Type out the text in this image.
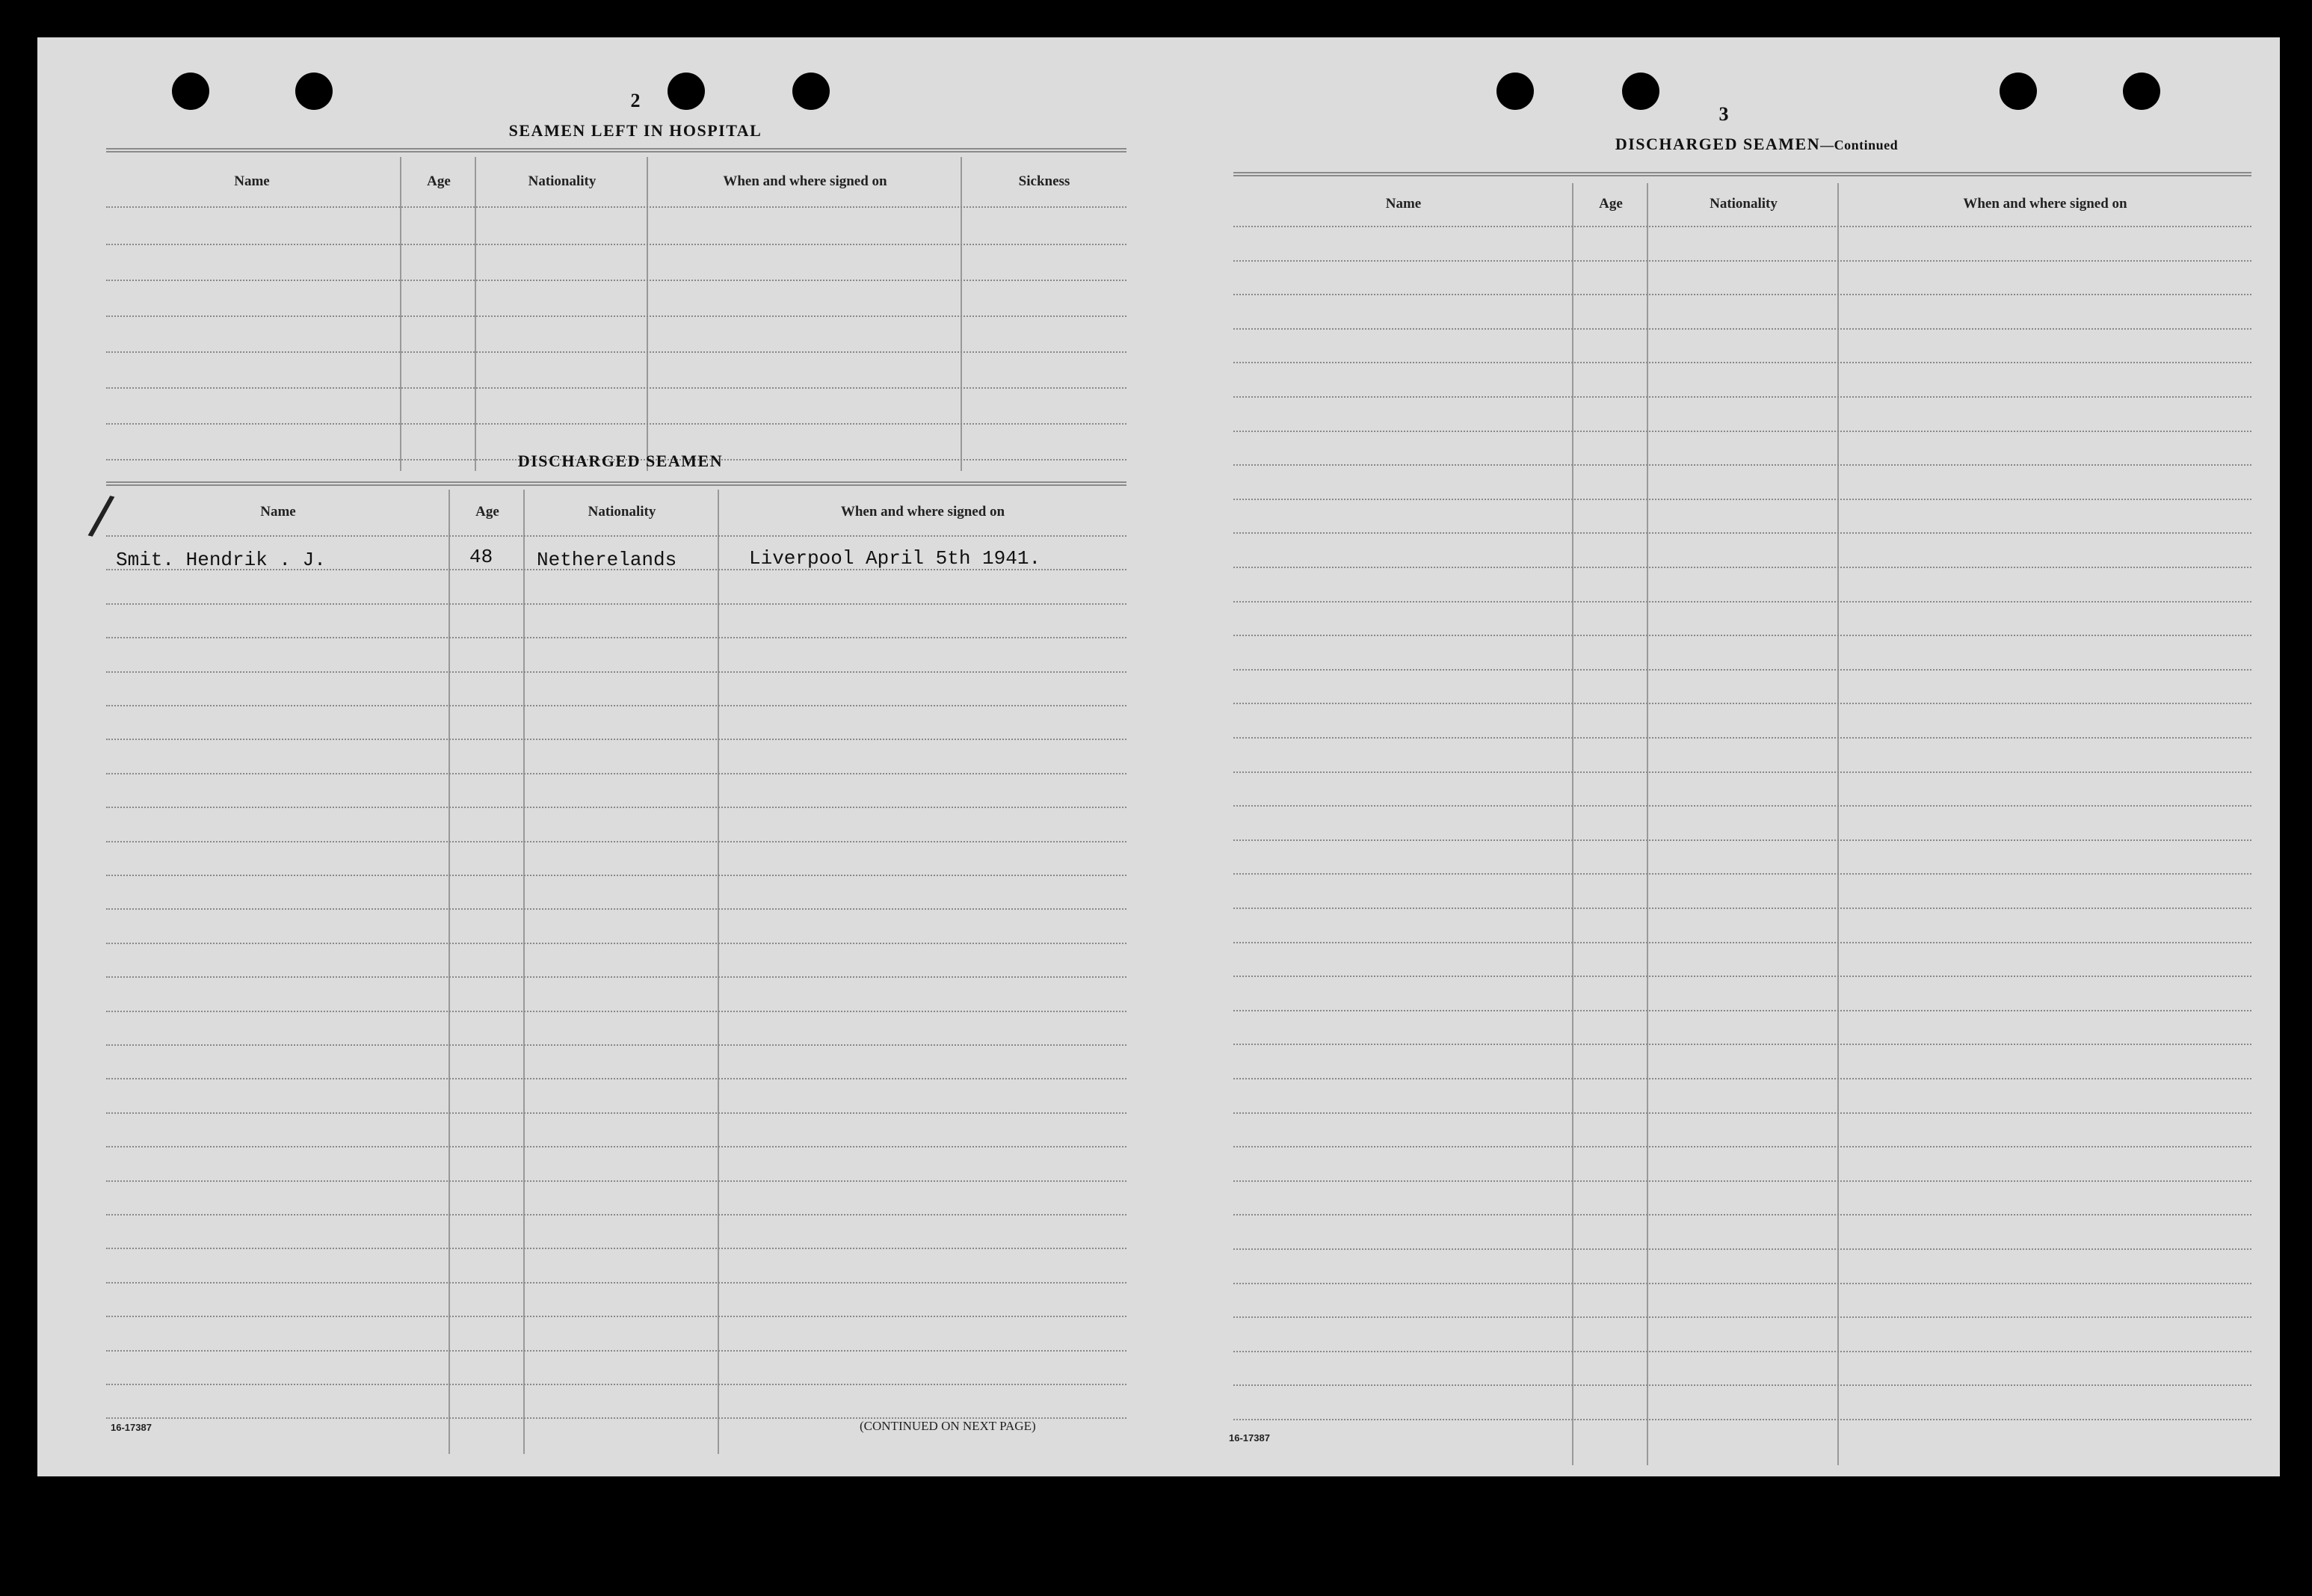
2
SEAMEN LEFT IN HOSPITAL
Name	Age	Nationality	When and where signed on	Sickness
DISCHARGED SEAMEN
/	Name	Age	Nationality	When and where signed on
Smit. Hendrik . J.	48 Netherelands	Liverpool April 5th 1941.
16-17387	(CONTINUED ON NEXT PAGE)
3
DISCHARGED SEAMEN—Continued
Name	Age	Nationality	When and where signed on
16-17387
